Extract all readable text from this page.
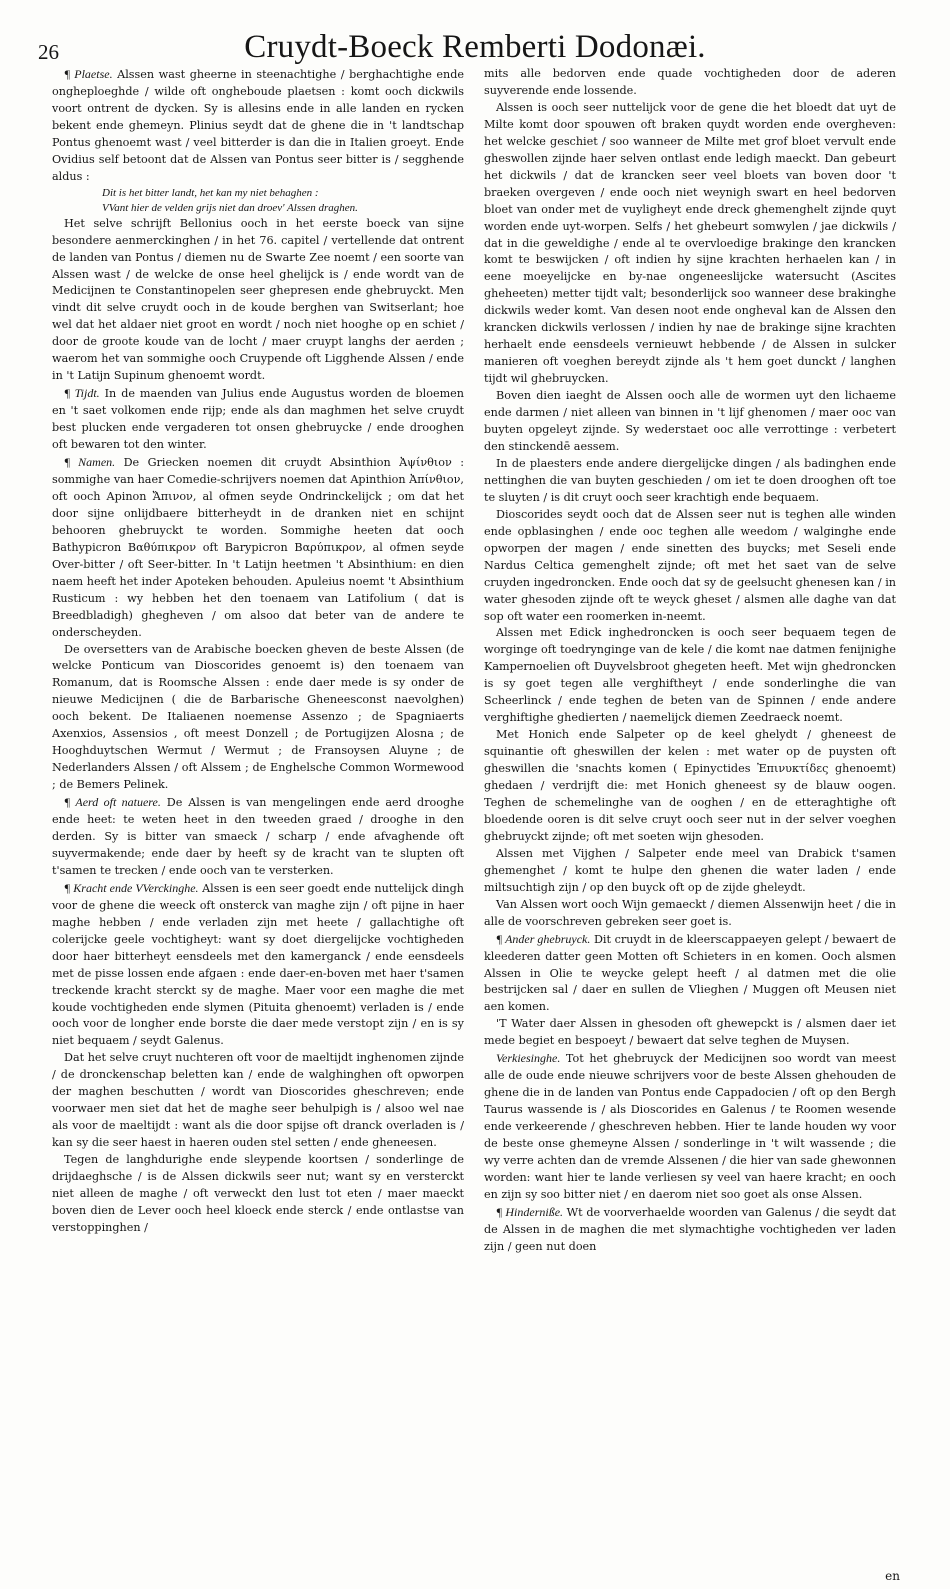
26	Cruydt-Boeck Remberti Dodonæi.

¶ Plaetse. Alssen wast gheerne in steenachtighe / berghachtighe ende ongheploeghde / wilde oft ongheboude plaetsen : komt ooch dickwils voort ontrent de dycken. Sy is allesins ende in alle landen en rycken bekent ende ghemeyn. Plinius seydt dat de ghene die in 't landtschap Pontus ghenoemt wast / veel bitterder is dan die in Italien groeyt. Ende Ovidius self betoont dat de Alssen van Pontus seer bitter is / segghende aldus :

Dit is het bitter landt, het kan my niet behaghen :

VVant hier de velden grijs niet dan droev' Alssen draghen.

Het selve schrijft Bellonius ooch in het eerste boeck van sijne besondere aenmerckinghen / in het 76. capitel / vertellende dat ontrent de landen van Pontus / diemen nu de Swarte Zee noemt / een soorte van Alssen wast / de welcke de onse heel ghelijck is / ende wordt van de Medicijnen te Constantinopelen seer ghepresen ende ghebruyckt. Men vindt dit selve cruydt ooch in de koude berghen van Switserlant; hoe wel dat het aldaer niet groot en wordt / noch niet hooghe op en schiet / door de groote koude van de locht / maer cruypt langhs der aerden ; waerom het van sommighe ooch Cruypende oft Ligghende Alssen / ende in 't Latijn Supinum ghenoemt wordt.

¶ Tijdt. In de maenden van Julius ende Augustus worden de bloemen en 't saet volkomen ende rijp; ende als dan maghmen het selve cruydt best plucken ende vergaderen tot onsen ghebruycke / ende drooghen oft bewaren tot den winter.

¶ Namen. De Griecken noemen dit cruydt Absinthion Ἀψίνθιον : sommighe van haer Comedie-schrijvers noemen dat Apinthion Ἀπίνθιον, oft ooch Apinon Ἄπινον, al ofmen seyde Ondrinckelijck ; om dat het door sijne onlijdbaere bitterheydt in de dranken niet en schijnt behooren ghebruyckt te worden. Sommighe heeten dat ooch Bathypicron Βαθύπικρον oft Barypicron Βαρύπικρον, al ofmen seyde Over-bitter / oft Seer-bitter. In 't Latijn heetmen 't Absinthium: en dien naem heeft het inder Apoteken behouden. Apuleius noemt 't Absinthium Rusticum : wy hebben het den toenaem van Latifolium ( dat is Breedbladigh) ghegheven / om alsoo dat beter van de andere te onderscheyden.

De oversetters van de Arabische boecken gheven de beste Alssen (de welcke Ponticum van Dioscorides genoemt is) den toenaem van Romanum, dat is Roomsche Alssen : ende daer mede is sy onder de nieuwe Medicijnen ( die de Barbarische Gheneesconst naevolghen) ooch bekent. De Italiaenen noemense Assenzo ; de Spagniaerts Axenxios, Assensios , oft meest Donzell ; de Portugijzen Alosna ; de Hooghduytschen Wermut / Wermut ; de Fransoysen Aluyne ; de Nederlanders Alssen / oft Alssem ; de Enghelsche Common Wormewood ; de Bemers Pelinek.

¶ Aerd oft natuere. De Alssen is van mengelingen ende aerd drooghe ende heet: te weten heet in den tweeden graed / drooghe in den derden. Sy is bitter van smaeck / scharp / ende afvaghende oft suyvermakende; ende daer by heeft sy de kracht van te slupten oft t'samen te trecken / ende ooch van te versterken.

¶ Kracht ende VVerckinghe. Alssen is een seer goedt ende nuttelijck dingh voor de ghene die weeck oft onsterck van maghe zijn / oft pijne in haer maghe hebben / ende verladen zijn met heete / gallachtighe oft colerijcke geele vochtigheyt: want sy doet diergelijcke vochtigheden door haer bitterheyt eensdeels met den kamerganck / ende eensdeels met de pisse lossen ende afgaen : ende daer-en-boven met haer t'samen treckende kracht sterckt sy de maghe. Maer voor een maghe die met koude vochtigheden ende slymen (Pituita ghenoemt) verladen is / ende ooch voor de longher ende borste die daer mede verstopt zijn / en is sy niet bequaem / seydt Galenus.

Dat het selve cruyt nuchteren oft voor de maeltijdt inghenomen zijnde / de dronckenschap beletten kan / ende de walghinghen oft opworpen der maghen beschutten / wordt van Dioscorides gheschreven; ende voorwaer men siet dat het de maghe seer behulpigh is / alsoo wel nae als voor de maeltijdt : want als die door spijse oft dranck overladen is / kan sy die seer haest in haeren ouden stel setten / ende gheneesen.

Tegen de langhdurighe ende sleypende koortsen / sonderlinge de drijdaeghsche / is de Alssen dickwils seer nut; want sy en versterckt niet alleen de maghe / oft verweckt den lust tot eten / maer maeckt boven dien de Lever ooch heel kloeck ende sterck / ende ontlastse van verstoppinghen /

mits alle bedorven ende quade vochtigheden door de aderen suyverende ende lossende.

Alssen is ooch seer nuttelijck voor de gene die het bloedt dat uyt de Milte komt door spouwen oft braken quydt worden ende overgheven: het welcke geschiet / soo wanneer de Milte met grof bloet vervult ende gheswollen zijnde haer selven ontlast ende ledigh maeckt. Dan gebeurt het dickwils / dat de krancken seer veel bloets van boven door 't braeken overgeven / ende ooch niet weynigh swart en heel bedorven bloet van onder met de vuyligheyt ende dreck ghemenghelt zijnde quyt worden ende uyt-worpen. Selfs / het ghebeurt somwylen / jae dickwils / dat in die geweldighe / ende al te overvloedige brakinge den krancken komt te beswijcken / oft indien hy sijne krachten herhaelen kan / in eene moeyelijcke en by-nae ongeneeslijcke watersucht (Ascites gheheeten) metter tijdt valt; besonderlijck soo wanneer dese brakinghe dickwils weder komt. Van desen noot ende ongheval kan de Alssen den krancken dickwils verlossen / indien hy nae de brakinge sijne krachten herhaelt ende eensdeels vernieuwt hebbende / de Alssen in sulcker manieren oft voeghen bereydt zijnde als 't hem goet dunckt / langhen tijdt wil ghebruycken.

Boven dien iaeght de Alssen ooch alle de wormen uyt den lichaeme ende darmen / niet alleen van binnen in 't lijf ghenomen / maer ooc van buyten opgeleyt zijnde. Sy wederstaet ooc alle verrottinge : verbetert den stinckendē aessem.

In de plaesters ende andere diergelijcke dingen / als badinghen ende nettinghen die van buyten geschieden / om iet te doen drooghen oft toe te sluyten / is dit cruyt ooch seer krachtigh ende bequaem.

Dioscorides seydt ooch dat de Alssen seer nut is teghen alle winden ende opblasinghen / ende ooc teghen alle weedom / walginghe ende opworpen der magen / ende sinetten des buycks; met Seseli ende Nardus Celtica gemenghelt zijnde; oft met het saet van de selve cruyden ingedroncken. Ende ooch dat sy de geelsucht ghenesen kan / in water ghesoden zijnde oft te weyck gheset / alsmen alle daghe van dat sop oft water een roomerken in-neemt.

Alssen met Edick inghedroncken is ooch seer bequaem tegen de worginge oft toedrynginge van de kele / die komt nae datmen fenijnighe Kampernoelien oft Duyvelsbroot ghegeten heeft. Met wijn ghedroncken is sy goet tegen alle verghiftheyt / ende sonderlinghe die van Scheerlinck / ende teghen de beten van de Spinnen / ende andere verghiftighe ghedierten / naemelijck diemen Zeedraeck noemt.

Met Honich ende Salpeter op de keel ghelydt / gheneest de squinantie oft gheswillen der kelen : met water op de puysten oft gheswillen die 'snachts komen ( Epinyctides Ἐπινυκτίδες ghenoemt) ghedaen / verdrijft die: met Honich gheneest sy de blauw oogen. Teghen de schemelinghe van de ooghen / en de etteraghtighe oft bloedende ooren is dit selve cruyt ooch seer nut in der selver voeghen ghebruyckt zijnde; oft met soeten wijn ghesoden.

Alssen met Vijghen / Salpeter ende meel van Drabick t'samen ghemenghet / komt te hulpe den ghenen die water laden / ende miltsuchtigh zijn / op den buyck oft op de zijde gheleydt.

Van Alssen wort ooch Wijn gemaeckt / diemen Alssenwijn heet / die in alle de voorschreven gebreken seer goet is.

¶ Ander ghebruyck. Dit cruydt in de kleerscappaeyen gelept / bewaert de kleederen datter geen Motten oft Schieters in en komen. Ooch alsmen Alssen in Olie te weycke gelept heeft / al datmen met die olie bestrijcken sal / daer en sullen de Vlieghen / Muggen oft Meusen niet aen komen.

'T Water daer Alssen in ghesoden oft ghewepckt is / alsmen daer iet mede begiet en bespoeyt / bewaert dat selve teghen de Muysen.

Verkiesinghe. Tot het ghebruyck der Medicijnen soo wordt van meest alle de oude ende nieuwe schrijvers voor de beste Alssen ghehouden de ghene die in de landen van Pontus ende Cappadocien / oft op den Bergh Taurus wassende is / als Dioscorides en Galenus / te Roomen wesende ende verkeerende / gheschreven hebben. Hier te lande houden wy voor de beste onse ghemeyne Alssen / sonderlinge in 't wilt wassende ; die wy verre achten dan de vremde Alssenen / die hier van sade ghewonnen worden: want hier te lande verliesen sy veel van haere kracht; en ooch en zijn sy soo bitter niet / en daerom niet soo goet als onse Alssen.

¶ Hinderniße. Wt de voorverhaelde woorden van Galenus / die seydt dat de Alssen in de maghen die met slymachtighe vochtigheden ver laden zijn / geen nut doen

en
